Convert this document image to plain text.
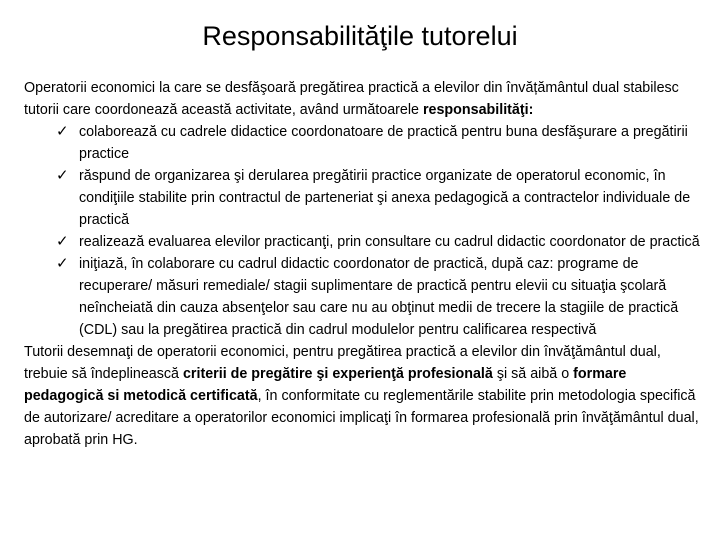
Responsabilităţile tutorelui

Operatorii economici la care se desfăşoară pregătirea practică a elevilor din învățământul dual stabilesc tutorii care coordonează această activitate, având următoarele responsabilităţi:

✓ colaborează cu cadrele didactice coordonatoare de practică pentru buna desfăşurare a pregătirii practice
✓ răspund de organizarea şi derularea pregătirii practice organizate de operatorul economic, în condiţiile stabilite prin contractul de parteneriat şi anexa pedagogică a contractelor individuale de practică
✓ realizează evaluarea elevilor practicanţi, prin consultare cu cadrul didactic coordonator de practică
✓ iniţiază, în colaborare cu cadrul didactic coordonator de practică, după caz: programe de recuperare/ măsuri remediale/ stagii suplimentare de practică pentru elevii cu situaţia şcolară neîncheiată din cauza absenţelor sau care nu au obţinut medii de trecere la stagiile de practică (CDL) sau la pregătirea practică din cadrul modulelor pentru calificarea respectivă

Tutorii desemnaţi de operatorii economici, pentru pregătirea practică a elevilor din învăţământul dual, trebuie să îndeplinească criterii de pregătire şi experienţă profesională şi să aibă o formare pedagogică si metodică certificată, în conformitate cu reglementările stabilite prin metodologia specifică de autorizare/ acreditare a operatorilor economici implicaţi în formarea profesională prin învăţământul dual, aprobată prin HG.
